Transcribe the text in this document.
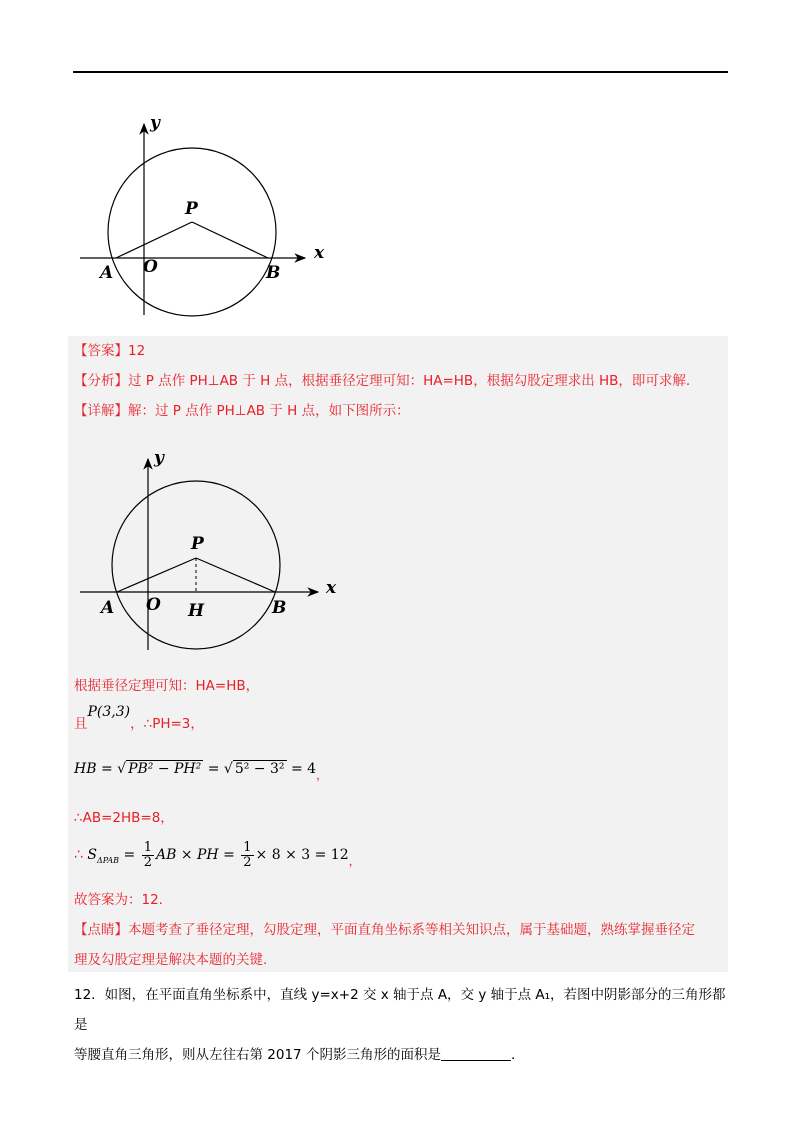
y
x
P
A O	B
【答案】12
【分析】过 P 点作 PH⊥AB 于 H 点，根据垂径定理可知：HA=HB，根据勾股定理求出 HB，即可求解.
【详解】解：过 P 点作 PH⊥AB 于 H 点，如下图所示：
y
x
P
A O H	B
根据垂径定理可知：HA=HB，
且P(3,3)，∴PH=3，
HB = √ PB² − PH² = √ 5² − 3² = 4，
∴AB=2HB=8，
∴ $S_{\Delta PAB} = \frac{1}{2}$ AB × PH = $\frac{1}{2} \times 8 \times 3 = 12$，
故答案为：12.
【点睛】本题考查了垂径定理，勾股定理，平面直角坐标系等相关知识点，属于基础题，熟练掌握垂径定
理及勾股定理是解决本题的关键.
12．如图，在平面直角坐标系中，直线 y=x+2 交 x 轴于点 A，交 y 轴于点 A₁，若图中阴影部分的三角形都是
等腰直角三角形，则从左往右第 2017 个阴影三角形的面积是	.
